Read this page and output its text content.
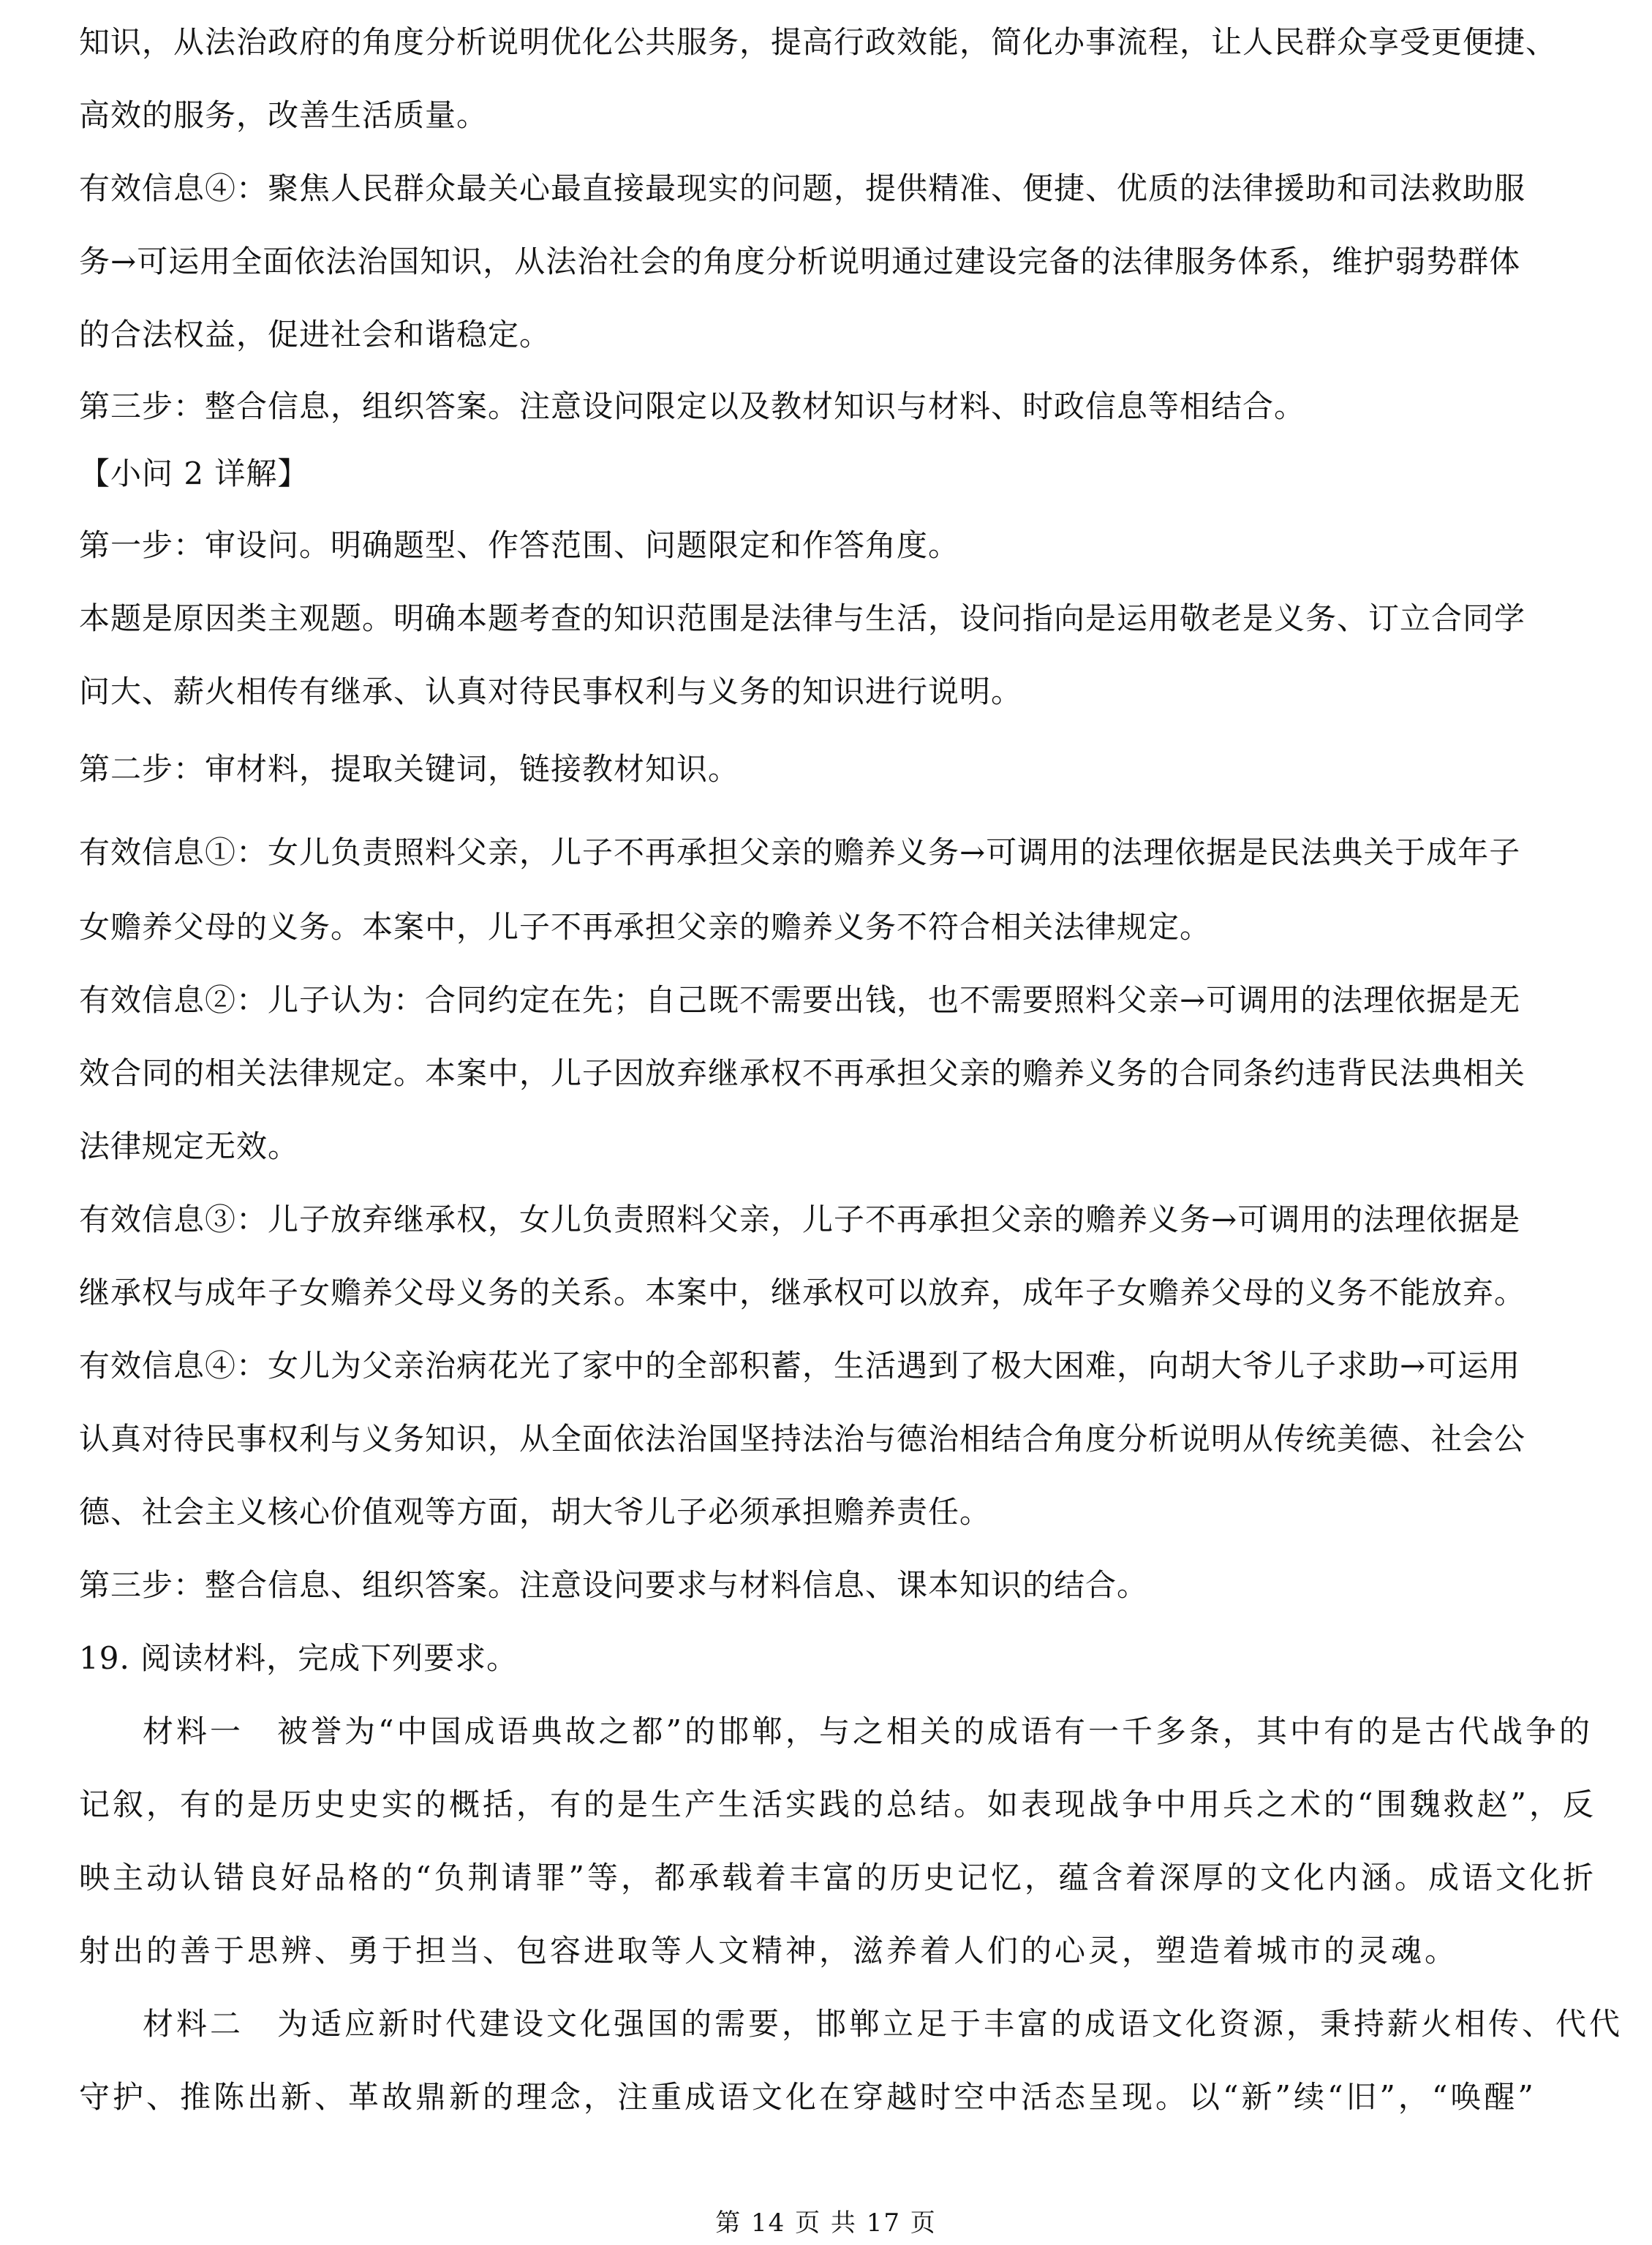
知识，从法治政府的角度分析说明优化公共服务，提高行政效能，简化办事流程，让人民群众享受更便捷、
高效的服务，改善生活质量。
有效信息④：聚焦人民群众最关心最直接最现实的问题，提供精准、便捷、优质的法律援助和司法救助服
务→可运用全面依法治国知识，从法治社会的角度分析说明通过建设完备的法律服务体系，维护弱势群体
的合法权益，促进社会和谐稳定。
第三步：整合信息，组织答案。注意设问限定以及教材知识与材料、时政信息等相结合。
【小问 2 详解】
第一步：审设问。明确题型、作答范围、问题限定和作答角度。
本题是原因类主观题。明确本题考查的知识范围是法律与生活，设问指向是运用敬老是义务、订立合同学
问大、薪火相传有继承、认真对待民事权利与义务的知识进行说明。
第二步：审材料，提取关键词，链接教材知识。
有效信息①：女儿负责照料父亲，儿子不再承担父亲的赡养义务→可调用的法理依据是民法典关于成年子
女赡养父母的义务。本案中，儿子不再承担父亲的赡养义务不符合相关法律规定。
有效信息②：儿子认为：合同约定在先；自己既不需要出钱，也不需要照料父亲→可调用的法理依据是无
效合同的相关法律规定。本案中，儿子因放弃继承权不再承担父亲的赡养义务的合同条约违背民法典相关
法律规定无效。
有效信息③：儿子放弃继承权，女儿负责照料父亲，儿子不再承担父亲的赡养义务→可调用的法理依据是
继承权与成年子女赡养父母义务的关系。本案中，继承权可以放弃，成年子女赡养父母的义务不能放弃。
有效信息④：女儿为父亲治病花光了家中的全部积蓄，生活遇到了极大困难，向胡大爷儿子求助→可运用
认真对待民事权利与义务知识，从全面依法治国坚持法治与德治相结合角度分析说明从传统美德、社会公
德、社会主义核心价值观等方面，胡大爷儿子必须承担赡养责任。
第三步：整合信息、组织答案。注意设问要求与材料信息、课本知识的结合。
19. 阅读材料，完成下列要求。
材料一　被誉为“中国成语典故之都”的邯郸，与之相关的成语有一千多条，其中有的是古代战争的
记叙，有的是历史史实的概括，有的是生产生活实践的总结。如表现战争中用兵之术的“围魏救赵”，反
映主动认错良好品格的“负荆请罪”等，都承载着丰富的历史记忆，蕴含着深厚的文化内涵。成语文化折
射出的善于思辨、勇于担当、包容进取等人文精神，滋养着人们的心灵，塑造着城市的灵魂。
材料二　为适应新时代建设文化强国的需要，邯郸立足于丰富的成语文化资源，秉持薪火相传、代代
守护、推陈出新、革故鼎新的理念，注重成语文化在穿越时空中活态呈现。以“新”续“旧”，“唤醒”
第 14 页 共 17 页
